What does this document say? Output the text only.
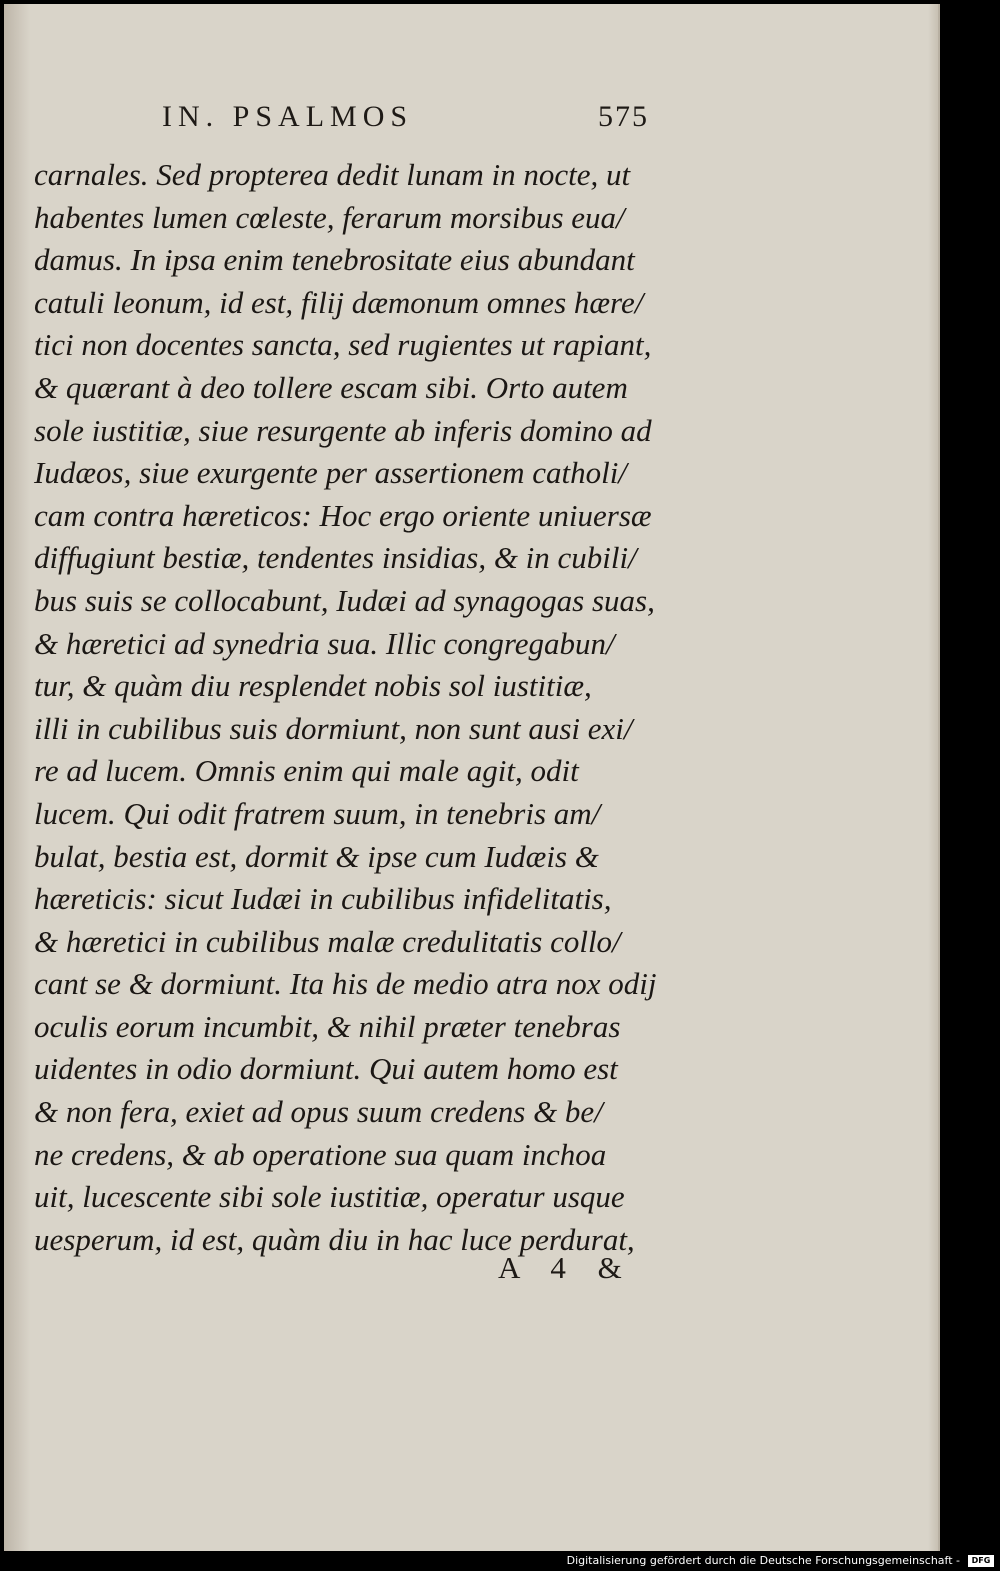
IN. PSALMOS	575
carnales. Sed propterea dedit lunam in nocte, ut
habentes lumen cœleste, ferarum morsibus eua/
damus. In ipsa enim tenebrositate eius abundant
catuli leonum, id est, filij dæmonum omnes hære/
tici non docentes sancta, sed rugientes ut rapiant,
& quærant à deo tollere escam sibi. Orto autem
sole iustitiæ, siue resurgente ab inferis domino ad
Iudæos, siue exurgente per assertionem catholi/
cam contra hæreticos: Hoc ergo oriente uniuersæ
diffugiunt bestiæ, tendentes insidias, & in cubili/
bus suis se collocabunt, Iudæi ad synagogas suas,
& hæretici ad synedria sua. Illic congregabun/
tur, & quàm diu resplendet nobis sol iustitiæ,
illi in cubilibus suis dormiunt, non sunt ausi exi/
re ad lucem. Omnis enim qui male agit, odit
lucem. Qui odit fratrem suum, in tenebris am/
bulat, bestia est, dormit & ipse cum Iudæis &
hæreticis: sicut Iudæi in cubilibus infidelitatis,
& hæretici in cubilibus malæ credulitatis collo/
cant se & dormiunt. Ita his de medio atra nox odij
oculis eorum incumbit, & nihil præter tenebras
uidentes in odio dormiunt. Qui autem homo est
& non fera, exiet ad opus suum credens & be/
ne credens, & ab operatione sua quam inchoa
uit, lucescente sibi sole iustitiæ, operatur usque
uesperum, id est, quàm diu in hac luce perdurat,
A 4 &
Digitalisierung gefördert durch die Deutsche Forschungsgemeinschaft -	DFG
